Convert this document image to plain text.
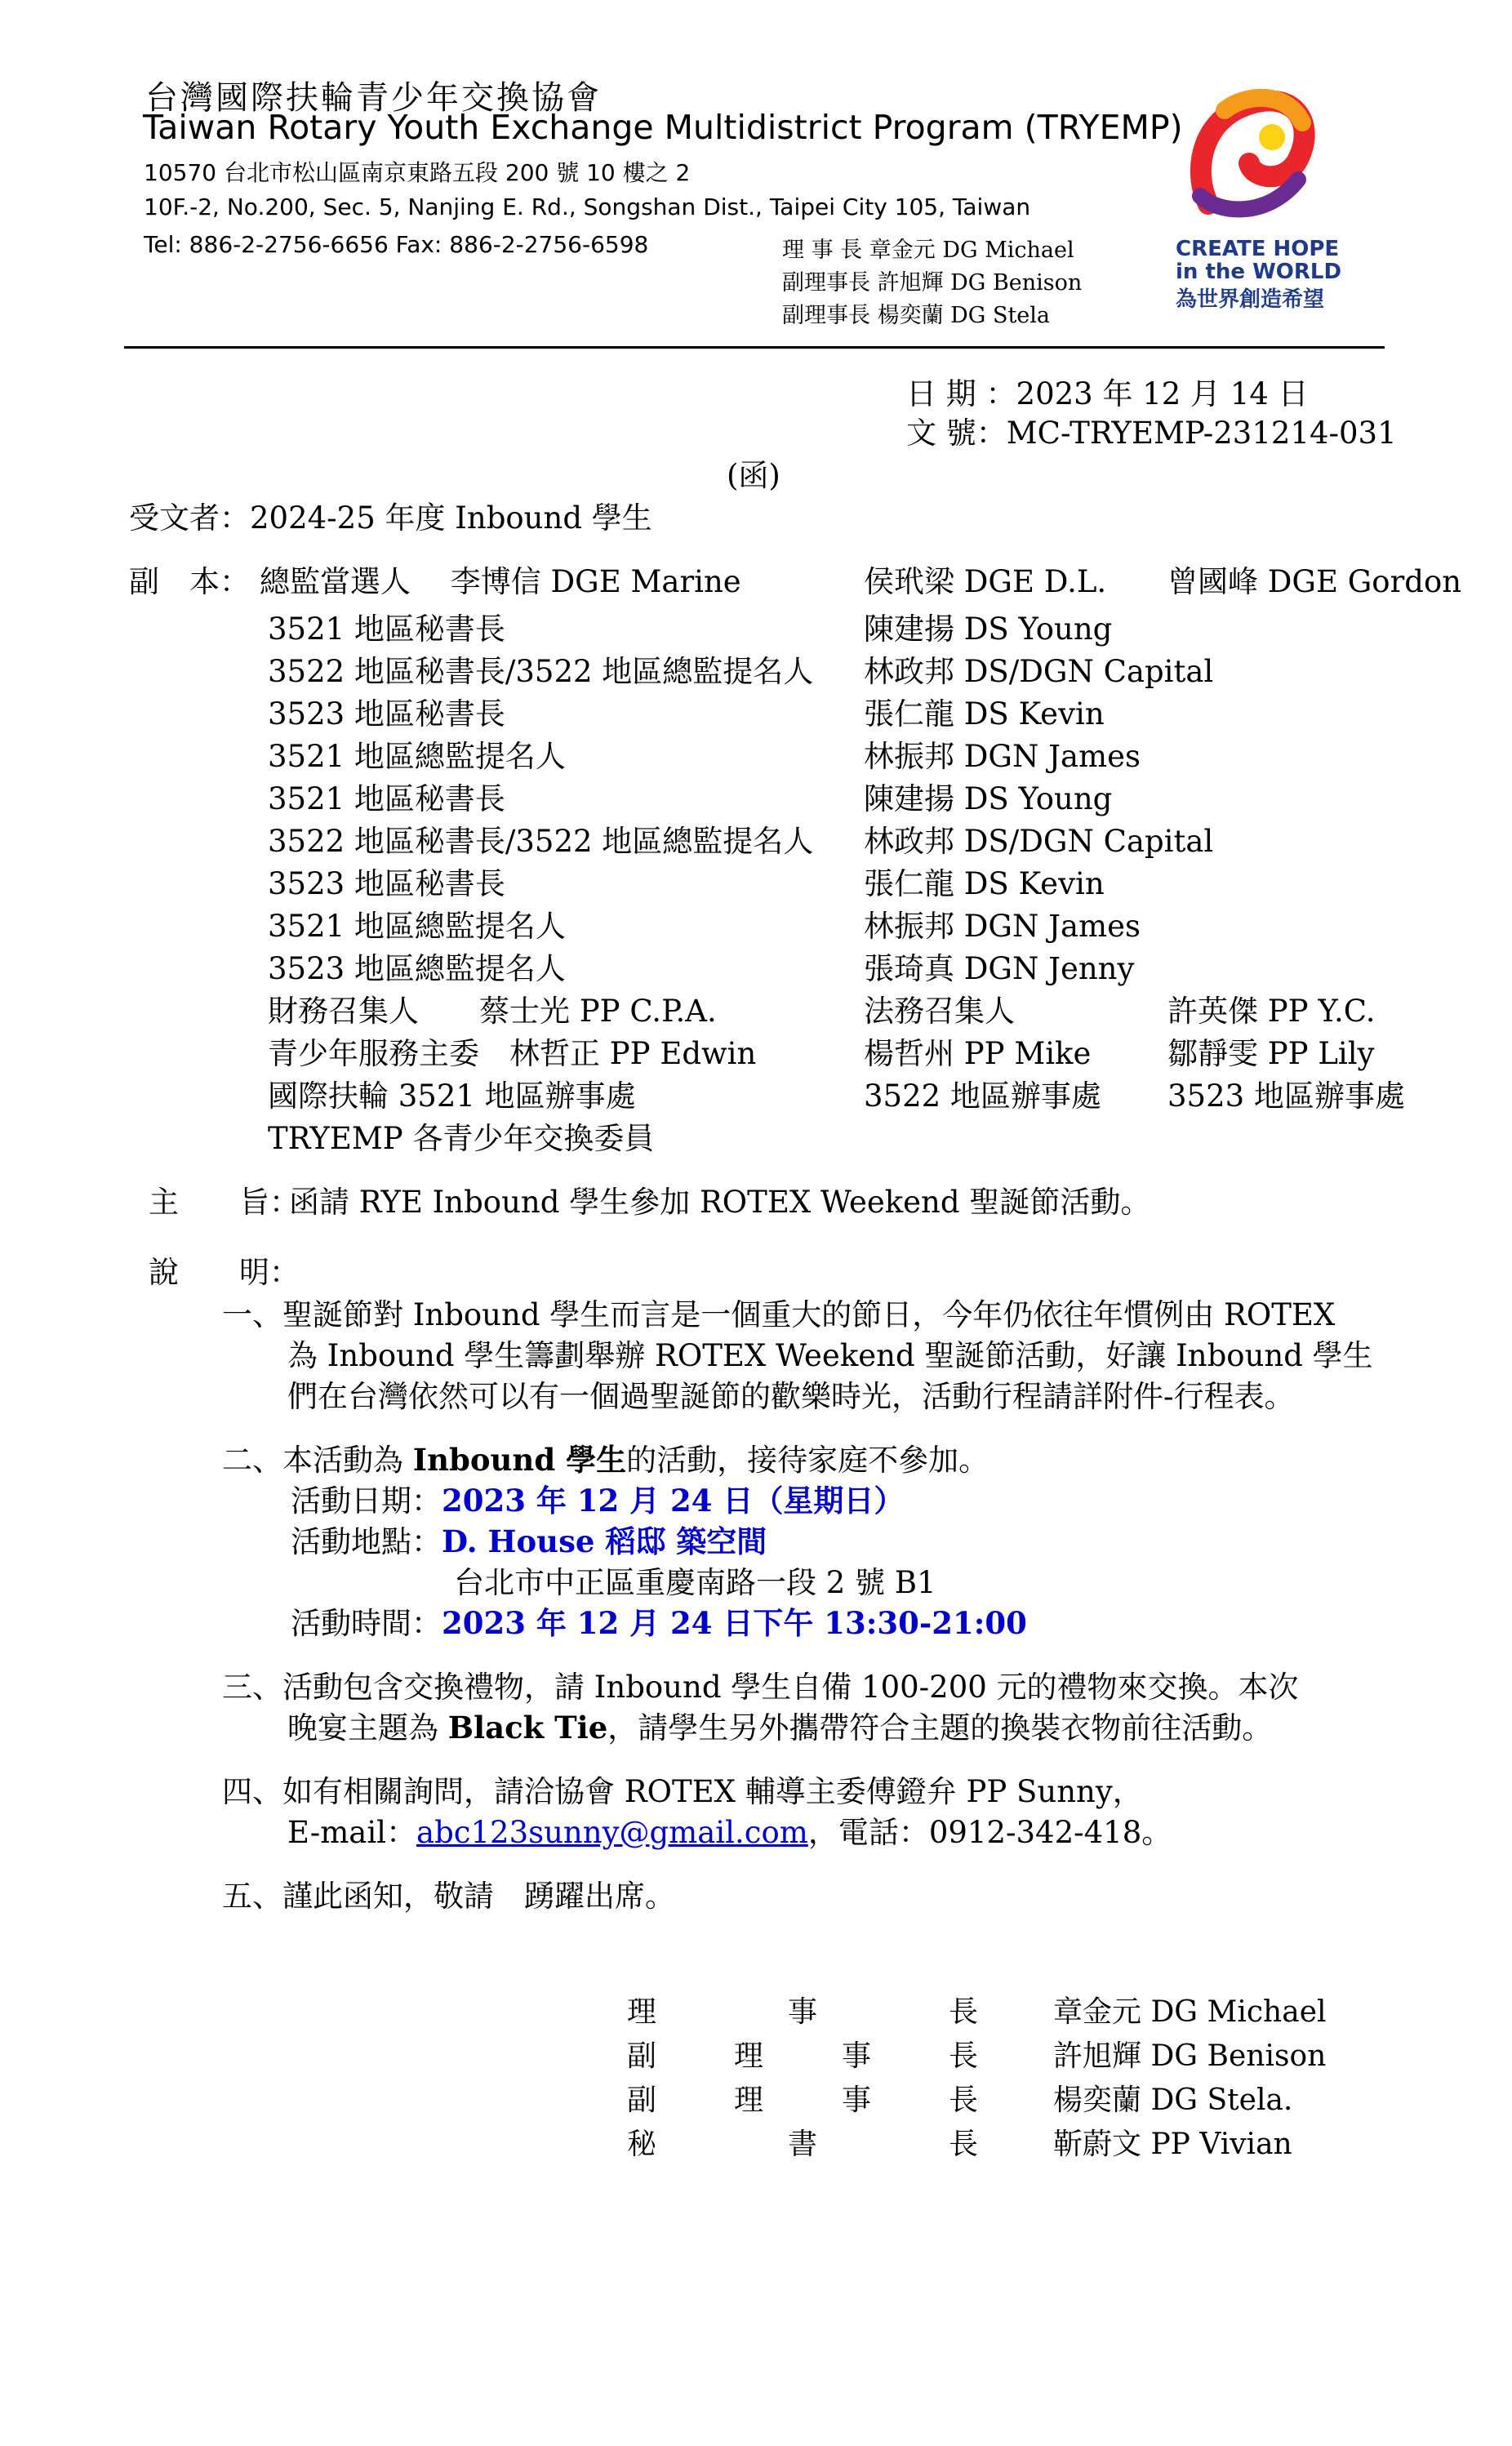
台灣國際扶輪青少年交換協會
Taiwan Rotary Youth Exchange Multidistrict Program (TRYEMP)
10570 台北市松山區南京東路五段 200 號 10 樓之 2
10F.-2, No.200, Sec. 5, Nanjing E. Rd., Songshan Dist., Taipei City 105, Taiwan
Tel: 886-2-2756-6656 Fax: 886-2-2756-6598	理 事 長 章金元 DG Michael
副理事長 許旭輝 DG Benison
副理事長 楊奕蘭 DG Stela
CREATE HOPE
in the WORLD
為世界創造希望
日 期 ：2023 年 12 月 14 日
文 號：MC-TRYEMP-231214-031
(函)
受文者：2024-25 年度 Inbound 學生
副　本： 總監當選人　 李博信 DGE Marine	侯玳梁 DGE D.L. 曾國峰 DGE Gordon
3521 地區秘書長	陳建揚 DS Young
3522 地區秘書長/3522 地區總監提名人 林政邦 DS/DGN Capital
3523 地區秘書長	張仁龍 DS Kevin
3521 地區總監提名人	林振邦 DGN James
3521 地區秘書長	陳建揚 DS Young
3522 地區秘書長/3522 地區總監提名人 林政邦 DS/DGN Capital
3523 地區秘書長	張仁龍 DS Kevin
3521 地區總監提名人	林振邦 DGN James
3523 地區總監提名人	張琦真 DGN Jenny
財務召集人　　蔡士光 PP C.P.A.	法務召集人	許英傑 PP Y.C.
青少年服務主委　林哲正 PP Edwin	楊哲州 PP Mike	鄒靜雯 PP Lily
國際扶輪 3521 地區辦事處	3522 地區辦事處 3523 地區辦事處
TRYEMP 各青少年交換委員
主　　旨：
函請 RYE Inbound 學生參加 ROTEX Weekend 聖誕節活動。
說　　明：
一、聖誕節對 Inbound 學生而言是一個重大的節日，今年仍依往年慣例由 ROTEX
為 Inbound 學生籌劃舉辦 ROTEX Weekend 聖誕節活動，好讓 Inbound 學生
們在台灣依然可以有一個過聖誕節的歡樂時光，活動行程請詳附件-行程表。
二、本活動為 Inbound 學生的活動，接待家庭不參加。
活動日期：2023 年 12 月 24 日（星期日）
活動地點：D. House 稻邸 築空間
台北市中正區重慶南路一段 2 號 B1
活動時間：2023 年 12 月 24 日下午 13:30-21:00
三、活動包含交換禮物，請 Inbound 學生自備 100-200 元的禮物來交換。本次
晚宴主題為 Black Tie，請學生另外攜帶符合主題的換裝衣物前往活動。
四、如有相關詢問，請洽協會 ROTEX 輔導主委傅鐙弁 PP Sunny，
E-mail：abc123sunny@gmail.com，電話：0912-342-418。
五、謹此函知，敬請　踴躍出席。
理	事	長	章金元 DG Michael
副	理	事	長	許旭輝 DG Benison
副	理	事	長	楊奕蘭 DG Stela.
秘	書	長	靳蔚文 PP Vivian
